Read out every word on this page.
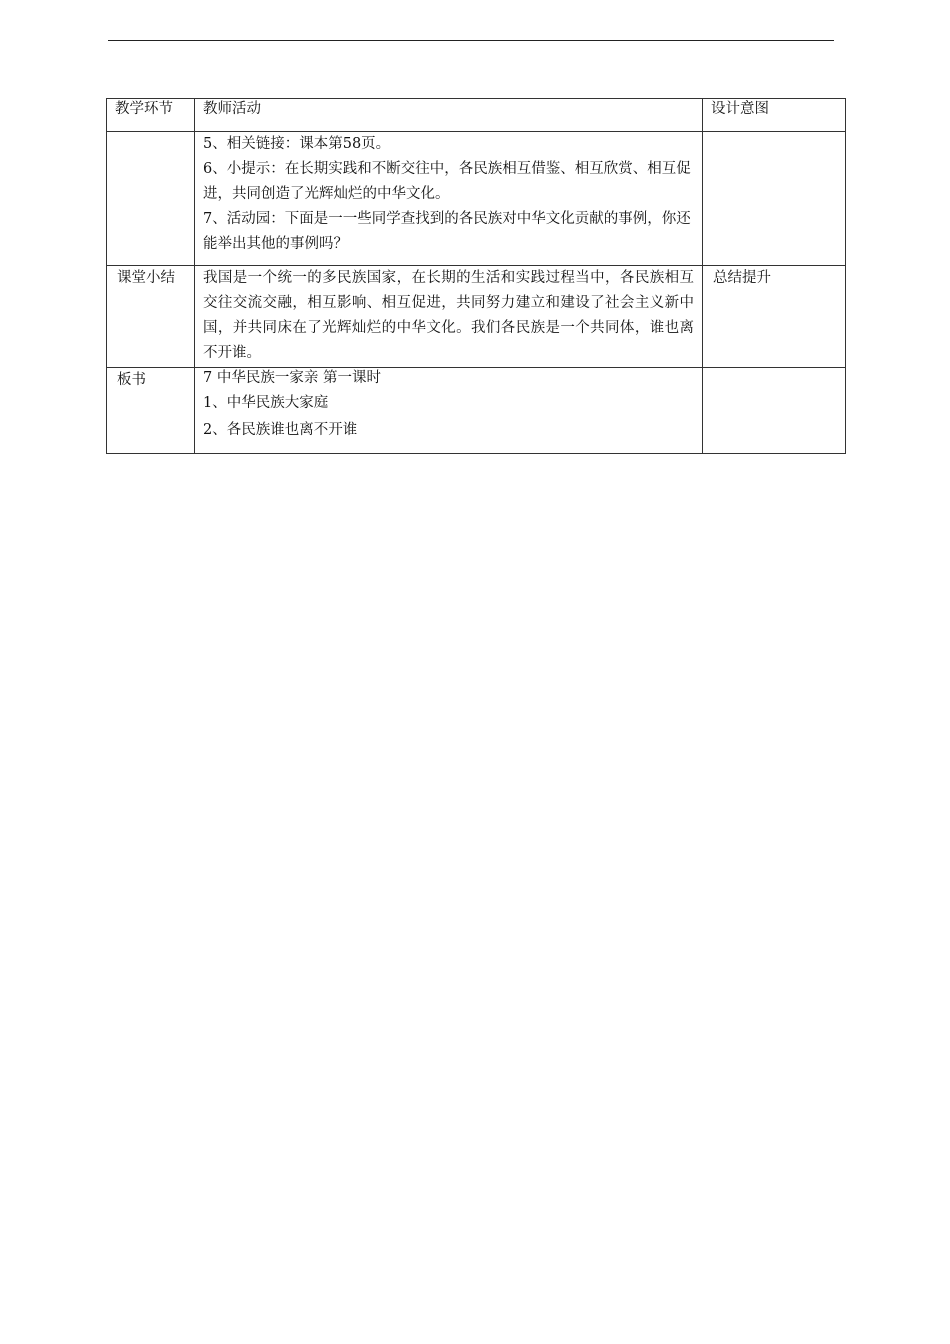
教学环节	教师活动	设计意图

	5、相关链接：课本第58页。

6、小提示：在长期实践和不断交往中，各民族相互借鉴、相互欣赏、相互促进，共同创造了光辉灿烂的中华文化。

7、活动园：下面是一一些同学查找到的各民族对中华文化贡献的事例，你还能举出其他的事例吗？	

课堂小结	我国是一个统一的多民族国家，在长期的生活和实践过程当中，各民族相互交往交流交融，相互影响、相互促进，共同努力建立和建设了社会主义新中国，并共同床在了光辉灿烂的中华文化。我们各民族是一个共同体，谁也离不开谁。	总结提升
板书	7 中华民族一家亲 第一课时

1、中华民族大家庭

2、各民族谁也离不开谁	
